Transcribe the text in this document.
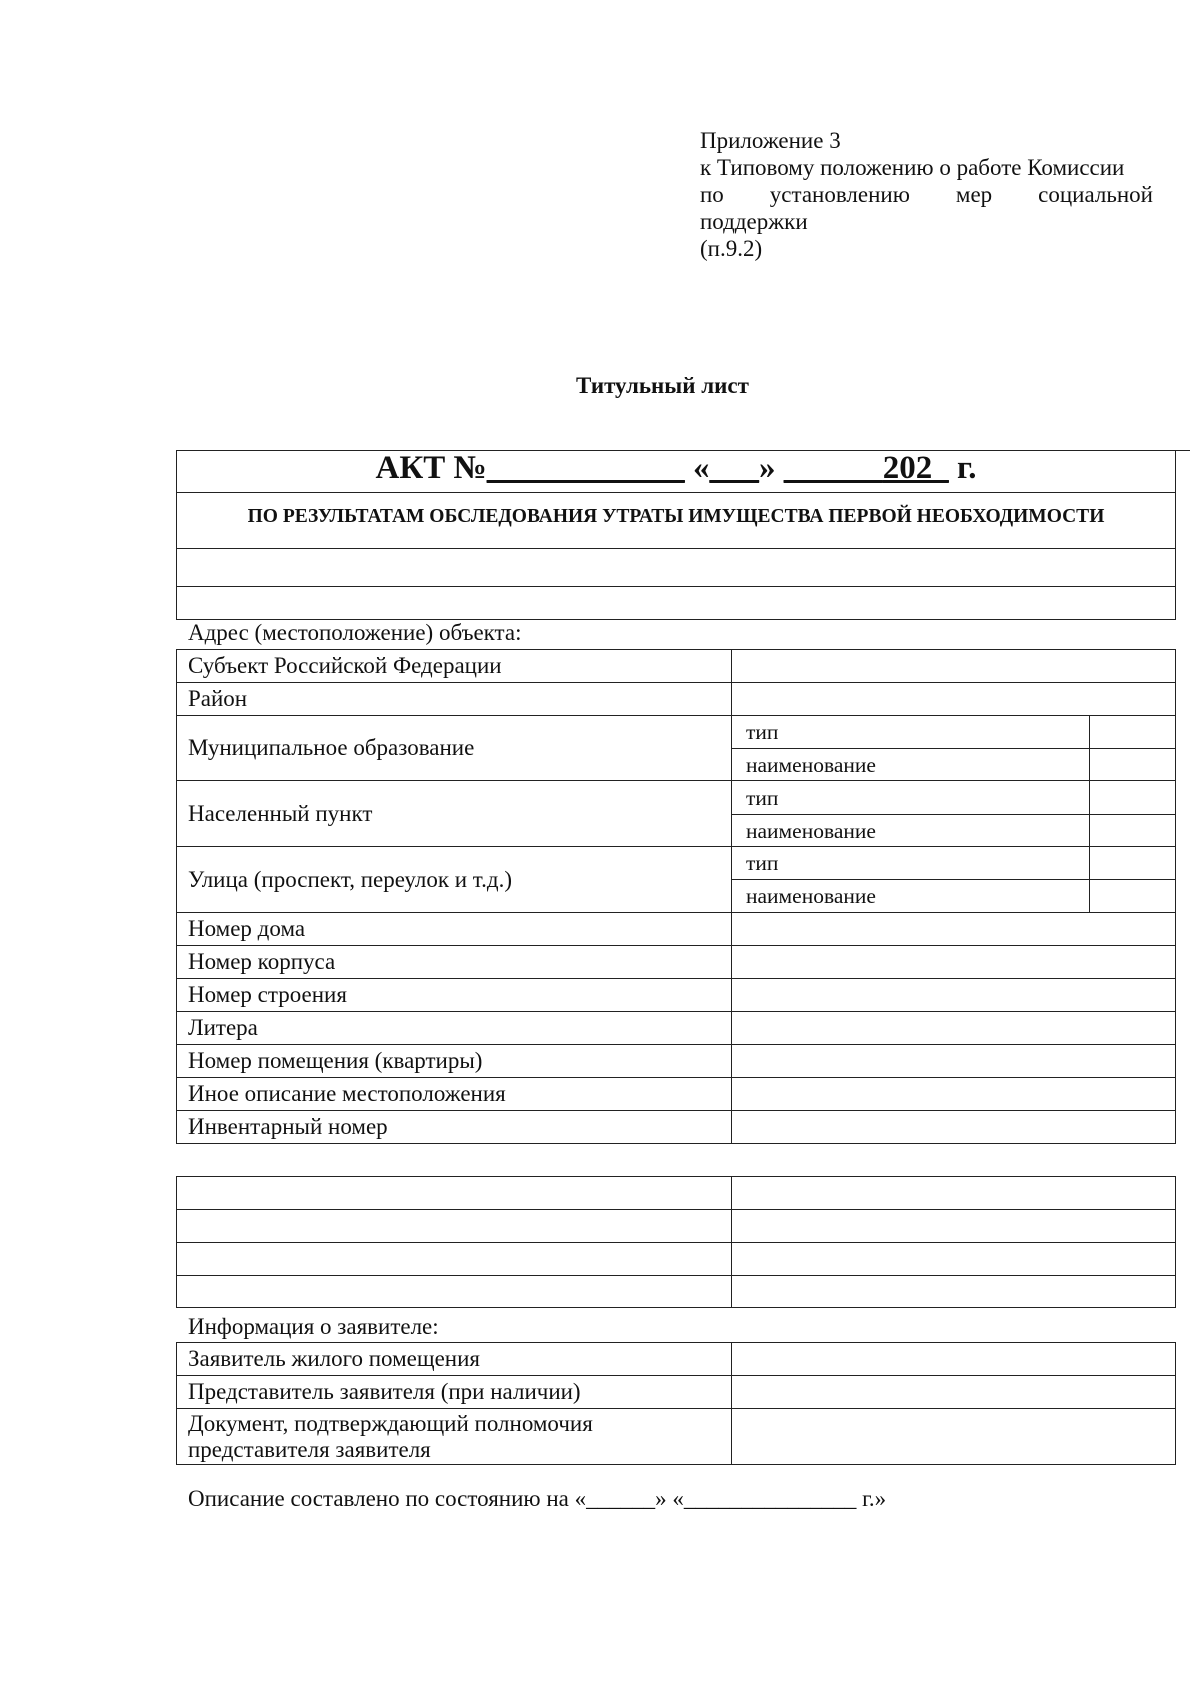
Приложение 3
к Типовому положению о работе Комиссии
по установлению мер социальной
поддержки
(п.9.2)
Титульный лист
АКТ №____________ «___» ______202_ г.
ПО РЕЗУЛЬТАТАМ ОБСЛЕДОВАНИЯ УТРАТЫ ИМУЩЕСТВА ПЕРВОЙ НЕОБХОДИМОСТИ
Адрес (местоположение) объекта:
Субъект Российской Федерации
Район
Муниципальное образование
Населенный пункт
Улица (проспект, переулок и т.д.)
Номер дома
Номер корпуса
Номер строения
Литера
Номер помещения (квартиры)
Иное описание местоположения
Инвентарный номер
тип
наименование
тип
наименование
тип
наименование
Информация о заявителе:
Заявитель жилого помещения
Представитель заявителя (при наличии)
Документ, подтверждающий полномочия
представителя заявителя
Описание составлено по состоянию на «______» «_______________ г.»
